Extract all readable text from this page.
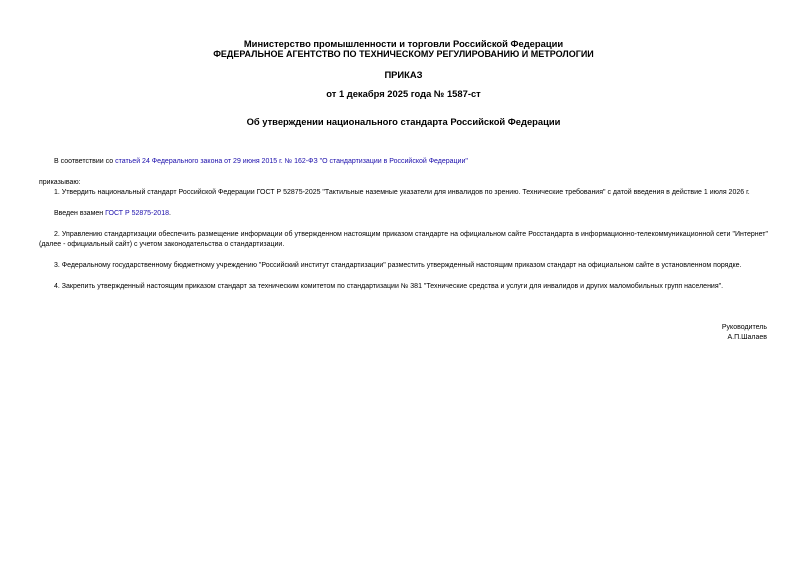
Министерство промышленности и торговли Российской Федерации
ФЕДЕРАЛЬНОЕ АГЕНТСТВО ПО ТЕХНИЧЕСКОМУ РЕГУЛИРОВАНИЮ И МЕТРОЛОГИИ
ПРИКАЗ
от 1 декабря 2025 года № 1587-ст
Об утверждении национального стандарта Российской Федерации
В соответствии со статьей 24 Федерального закона от 29 июня 2015 г. № 162-ФЗ "О стандартизации в Российской Федерации"
приказываю:
1. Утвердить национальный стандарт Российской Федерации ГОСТ Р 52875-2025 "Тактильные наземные указатели для инвалидов по зрению. Технические требования" с датой введения в действие 1 июля 2026 г.
Введен взамен ГОСТ Р 52875-2018.
2. Управлению стандартизации обеспечить размещение информации об утвержденном настоящим приказом стандарте на официальном сайте Росстандарта в информационно-телекоммуникационной сети "Интернет" (далее - официальный сайт) с учетом законодательства о стандартизации.
3. Федеральному государственному бюджетному учреждению "Российский институт стандартизации" разместить утвержденный настоящим приказом стандарт на официальном сайте в установленном порядке.
4. Закрепить утвержденный настоящим приказом стандарт за техническим комитетом по стандартизации № 381 "Технические средства и услуги для инвалидов и других маломобильных групп населения".
Руководитель
А.П.Шалаев
